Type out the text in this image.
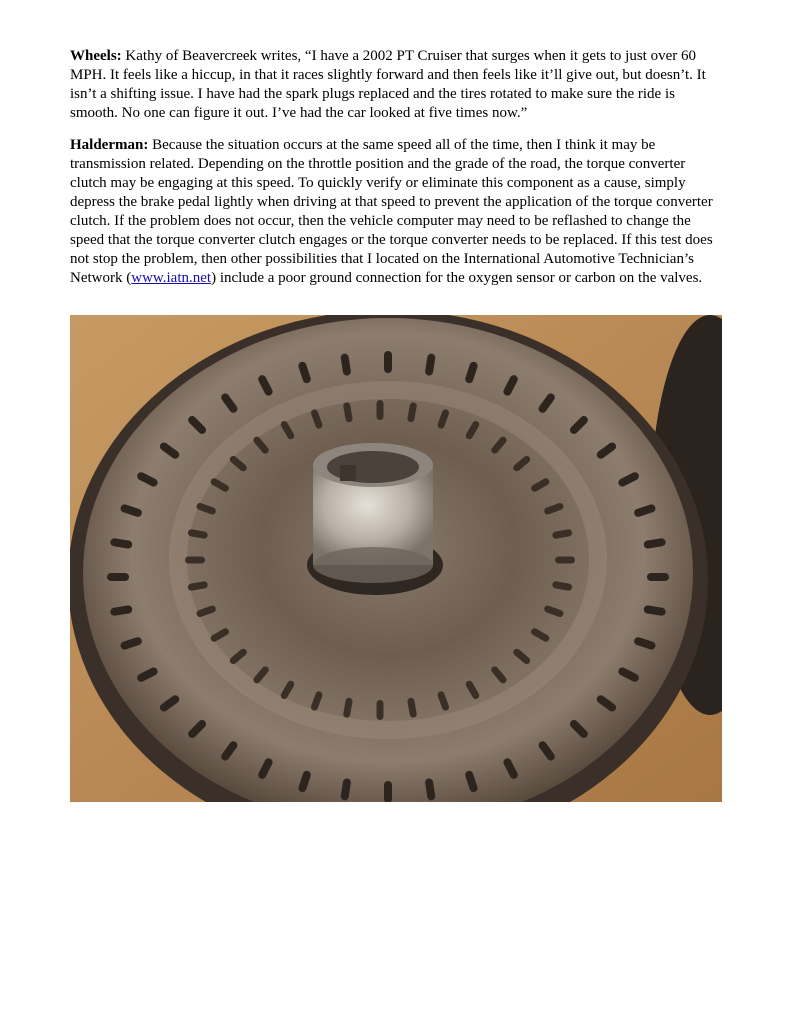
Wheels: Kathy of Beavercreek writes, “I have a 2002 PT Cruiser that surges when it gets to just over 60 MPH. It feels like a hiccup, in that it races slightly forward and then feels like it’ll give out, but doesn’t. It isn’t a shifting issue. I have had the spark plugs replaced and the tires rotated to make sure the ride is smooth. No one can figure it out. I’ve had the car looked at five times now.”

Halderman: Because the situation occurs at the same speed all of the time, then I think it may be transmission related. Depending on the throttle position and the grade of the road, the torque converter clutch may be engaging at this speed. To quickly verify or eliminate this component as a cause, simply depress the brake pedal lightly when driving at that speed to prevent the application of the torque converter clutch. If the problem does not occur, then the vehicle computer may need to be reflashed to change the speed that the torque converter clutch engages or the torque converter needs to be replaced. If this test does not stop the problem, then other possibilities that I located on the International Automotive Technician’s Network (www.iatn.net) include a poor ground connection for the oxygen sensor or carbon on the valves.
